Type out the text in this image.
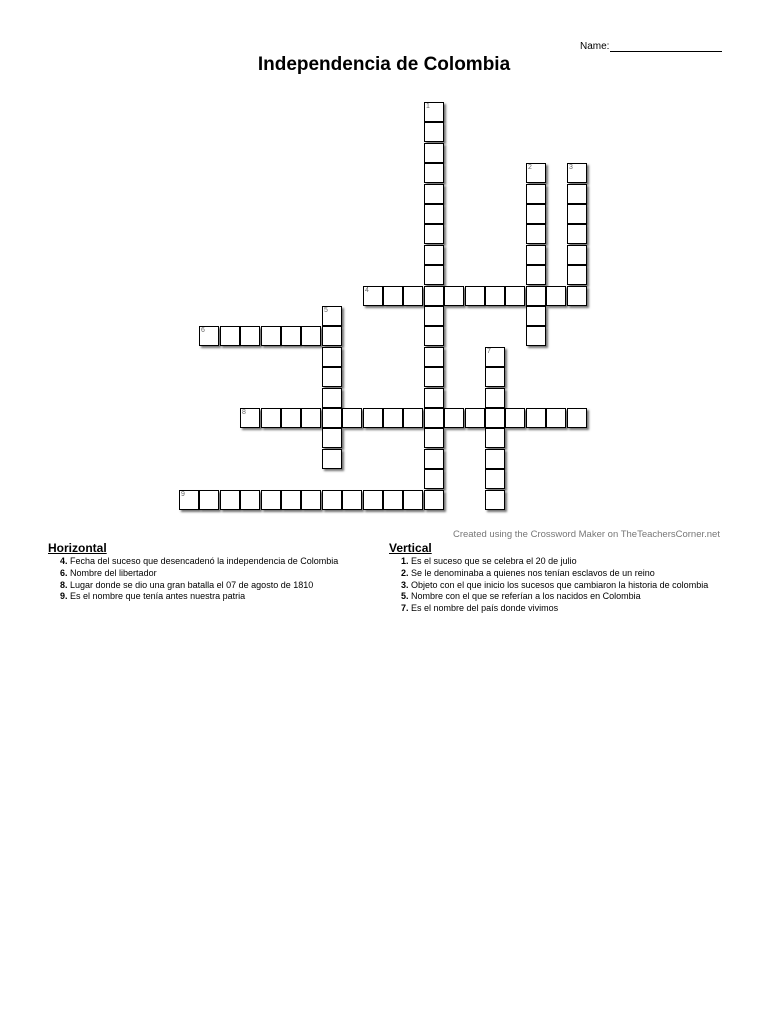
Name:
Independencia de Colombia
1
2	3
4
5
6
7
8
9
Created using the Crossword Maker on TheTeachersCorner.net
Horizontal
4. Fecha del suceso que desencadenó la independencia de Colombia
6. Nombre del libertador
8. Lugar donde se dio una gran batalla el 07 de agosto de 1810
9. Es el nombre que tenía antes nuestra patria
Vertical
1. Es el suceso que se celebra el 20 de julio
2. Se le denominaba a quienes nos tenían esclavos de un reino
3. Objeto con el que inicio los sucesos que cambiaron la historia de colombia
5. Nombre con el que se referían a los nacidos en Colombia
7. Es el nombre del país donde vivimos
